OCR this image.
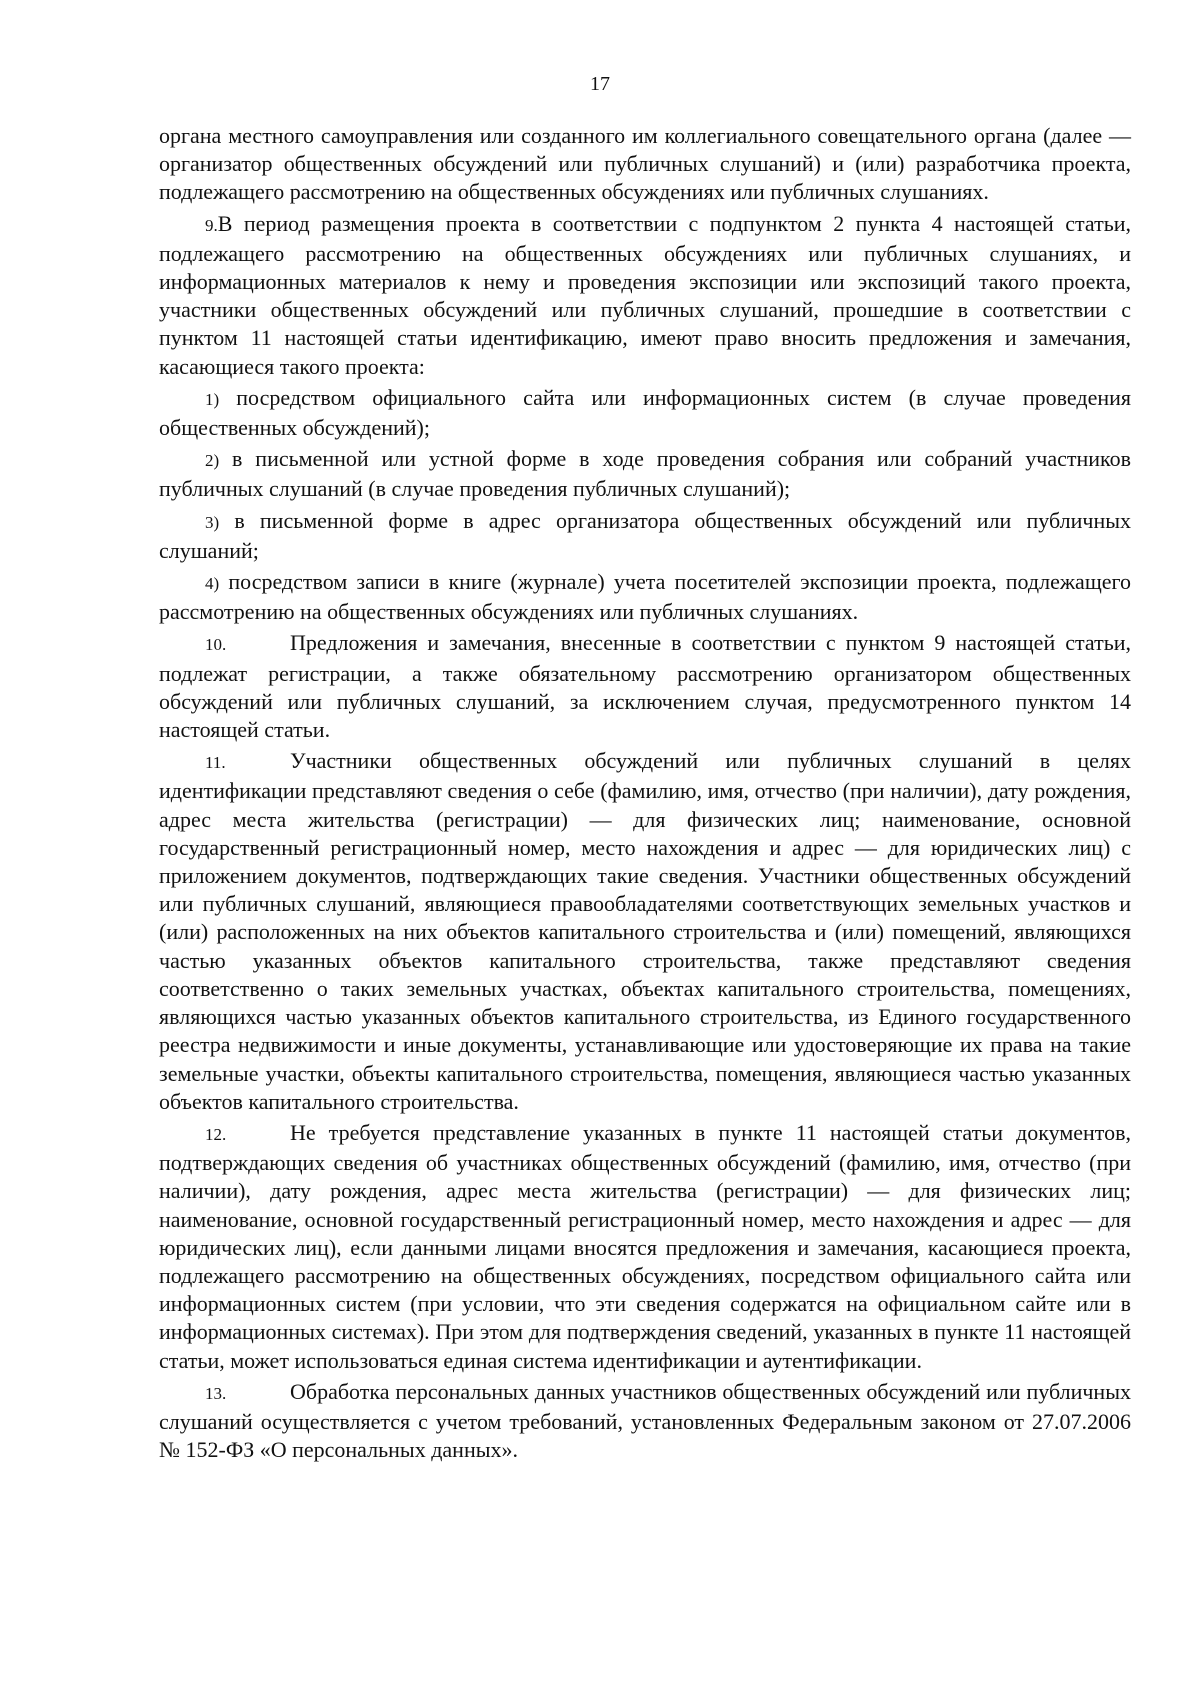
17

органа местного самоуправления или созданного им коллегиального совещательного органа (далее — организатор общественных обсуждений или публичных слушаний) и (или) разработчика проекта, подлежащего рассмотрению на общественных обсуждениях или публичных слушаниях.

9.В период размещения проекта в соответствии с подпунктом 2 пункта 4 настоящей статьи, подлежащего рассмотрению на общественных обсуждениях или публичных слушаниях, и информационных материалов к нему и проведения экспозиции или экспозиций такого проекта, участники общественных обсуждений или публичных слушаний, прошедшие в соответствии с пунктом 11 настоящей статьи идентификацию, имеют право вносить предложения и замечания, касающиеся такого проекта:

1) посредством официального сайта или информационных систем (в случае проведения общественных обсуждений);

2) в письменной или устной форме в ходе проведения собрания или собраний участников публичных слушаний (в случае проведения публичных слушаний);

3) в письменной форме в адрес организатора общественных обсуждений или публичных слушаний;

4) посредством записи в книге (журнале) учета посетителей экспозиции проекта, подлежащего рассмотрению на общественных обсуждениях или публичных слушаниях.

10.	Предложения и замечания, внесенные в соответствии с пунктом 9 настоящей статьи, подлежат регистрации, а также обязательному рассмотрению организатором общественных обсуждений или публичных слушаний, за исключением случая, предусмотренного пунктом 14 настоящей статьи.

11.	Участники общественных обсуждений или публичных слушаний в целях идентификации представляют сведения о себе (фамилию, имя, отчество (при наличии), дату рождения, адрес места жительства (регистрации) — для физических лиц; наименование, основной государственный регистрационный номер, место нахождения и адрес — для юридических лиц) с приложением документов, подтверждающих такие сведения. Участники общественных обсуждений или публичных слушаний, являющиеся правообладателями соответствующих земельных участков и (или) расположенных на них объектов капитального строительства и (или) помещений, являющихся частью указанных объектов капитального строительства, также представляют сведения соответственно о таких земельных участках, объектах капитального строительства, помещениях, являющихся частью указанных объектов капитального строительства, из Единого государственного реестра недвижимости и иные документы, устанавливающие или удостоверяющие их права на такие земельные участки, объекты капитального строительства, помещения, являющиеся частью указанных объектов капитального строительства.

12.	Не требуется представление указанных в пункте 11 настоящей статьи документов, подтверждающих сведения об участниках общественных обсуждений (фамилию, имя, отчество (при наличии), дату рождения, адрес места жительства (регистрации) — для физических лиц; наименование, основной государственный регистрационный номер, место нахождения и адрес — для юридических лиц), если данными лицами вносятся предложения и замечания, касающиеся проекта, подлежащего рассмотрению на общественных обсуждениях, посредством официального сайта или информационных систем (при условии, что эти сведения содержатся на официальном сайте или в информационных системах). При этом для подтверждения сведений, указанных в пункте 11 настоящей статьи, может использоваться единая система идентификации и аутентификации.

13.	Обработка персональных данных участников общественных обсуждений или публичных слушаний осуществляется с учетом требований, установленных Федеральным законом от 27.07.2006 № 152-ФЗ «О персональных данных».
